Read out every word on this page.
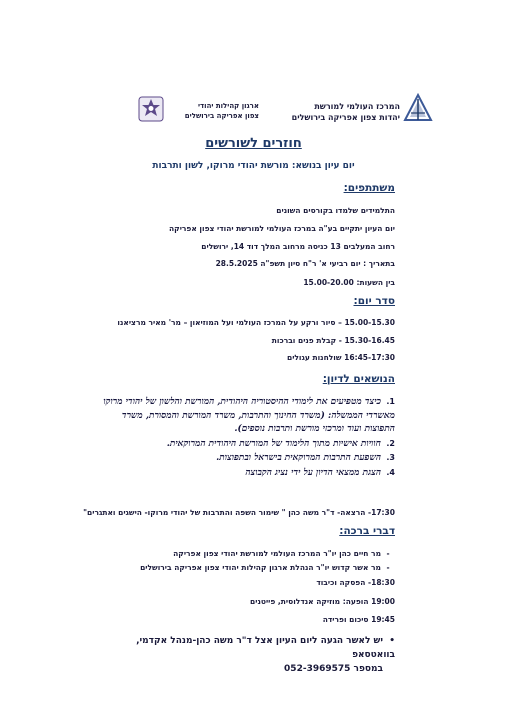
המרכז העולמי למורשת
יהדות צפון אפריקה בירושלים
ארגון קהילות יהודי
צפון אפריקה בירושלים
חוזרים לשורשים
יום עיון בנושא: מורשת יהודי מרוקו, לשון ותרבות
משתתפים:
התלמידים שלמדו בקורסים השונים
יום העיון יתקיים בע"ה במרכז העולמי למורשת יהודי צפון אפריקה
רחוב המעלבים 13 כניסה מרחוב המלך דוד 14, ירושלים
בתאריך : יום רביעי א' ר"ח סיון תשפ"ה 28.5.2025
בין השעות: 15.00-20.00
סדר יום:
15.00-15.30 – סיור ורקע על המרכז העולמי ועל המוזיאון – מר' מאיר מרציאנו
15.30-16.45 - קבלת פנים וברכות
16:45-17:30 שולחנות עגולים
הנושאים לדיון:
1.כיצד מטפיעים את לימודי ההיסטוריה היהודית, המורשת והלשון של יהודי מרוקו מאשרדי הממשלה: (משרד החינוך והתרבות, משרד המורשת והמסורת, משרד התפוצות ועוד ומרכזי מורשת ותרבות נוספים).
2.חוויות אישיות מתוך הלימוד של המורשת היהודית המרוקאית.
3.השפעת התרבות המרוקאית בישראל ובתפוצות.
4.הצגת ממצאי הדיון על ידי נציג הקבוצה
17:30- הרצאה- ד"ר משה כהן " שימור השפה והתרבות של יהודי מרוקו- הישגים ואתגרים"
דברי ברכה:
-מר חיים כהן יו"ר המרכז העולמי למורשת יהודי צפון אפריקה
-מר אשר קדוש יו"ר הנהלת ארגון קהילות יהודי צפון אפריקה בירושלים
18:30- הפסקה וכיבוד
19:00 הופעה: מוזיקה אנדלוסית, פייטנים
19:45 סיכום ופרידה
•יש לאשר הגעה ליום העיון אצל ד"ר משה כהן-מנהל אקדמי, בוואטסאפ
במספר 052-3969575
